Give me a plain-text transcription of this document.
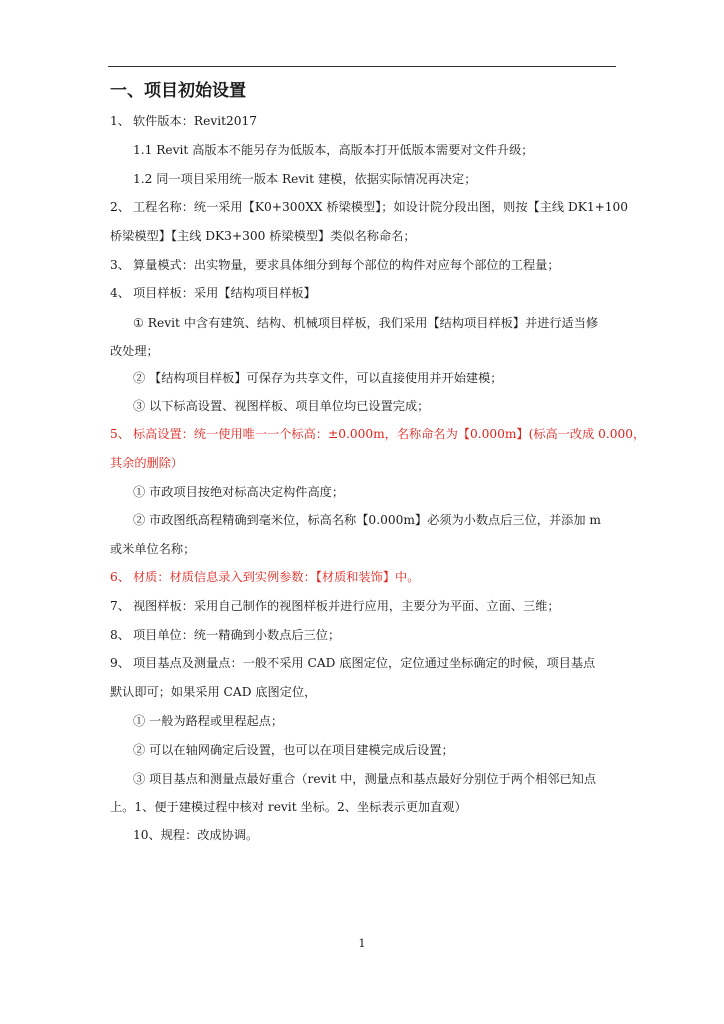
一、项目初始设置
1、 软件版本：Revit2017
1.1 Revit 高版本不能另存为低版本，高版本打开低版本需要对文件升级；
1.2 同一项目采用统一版本 Revit 建模，依据实际情况再决定；
2、 工程名称：统一采用【K0+300XX 桥梁模型】；如设计院分段出图，则按【主线 DK1+100
桥梁模型】【主线 DK3+300 桥梁模型】类似名称命名；
3、 算量模式：出实物量，要求具体细分到每个部位的构件对应每个部位的工程量；
4、 项目样板：采用【结构项目样板】
① Revit 中含有建筑、结构、机械项目样板，我们采用【结构项目样板】并进行适当修
改处理；
② 【结构项目样板】可保存为共享文件，可以直接使用并开始建模；
③ 以下标高设置、视图样板、项目单位均已设置完成；
5、 标高设置：统一使用唯一一个标高：±0.000m，名称命名为【0.000m】(标高一改成 0.000，
其余的删除）
① 市政项目按绝对标高决定构件高度；
② 市政图纸高程精确到毫米位，标高名称【0.000m】必须为小数点后三位，并添加 m
或米单位名称；
6、 材质：材质信息录入到实例参数：【材质和装饰】中。
7、 视图样板：采用自己制作的视图样板并进行应用，主要分为平面、立面、三维；
8、 项目单位：统一精确到小数点后三位；
9、 项目基点及测量点：一般不采用 CAD 底图定位，定位通过坐标确定的时候，项目基点
默认即可；如果采用 CAD 底图定位，
① 一般为路程或里程起点；
② 可以在轴网确定后设置，也可以在项目建模完成后设置；
③ 项目基点和测量点最好重合（revit 中，测量点和基点最好分别位于两个相邻已知点
上。1、便于建模过程中核对 revit 坐标。2、坐标表示更加直观）
10、规程：改成协调。
1
